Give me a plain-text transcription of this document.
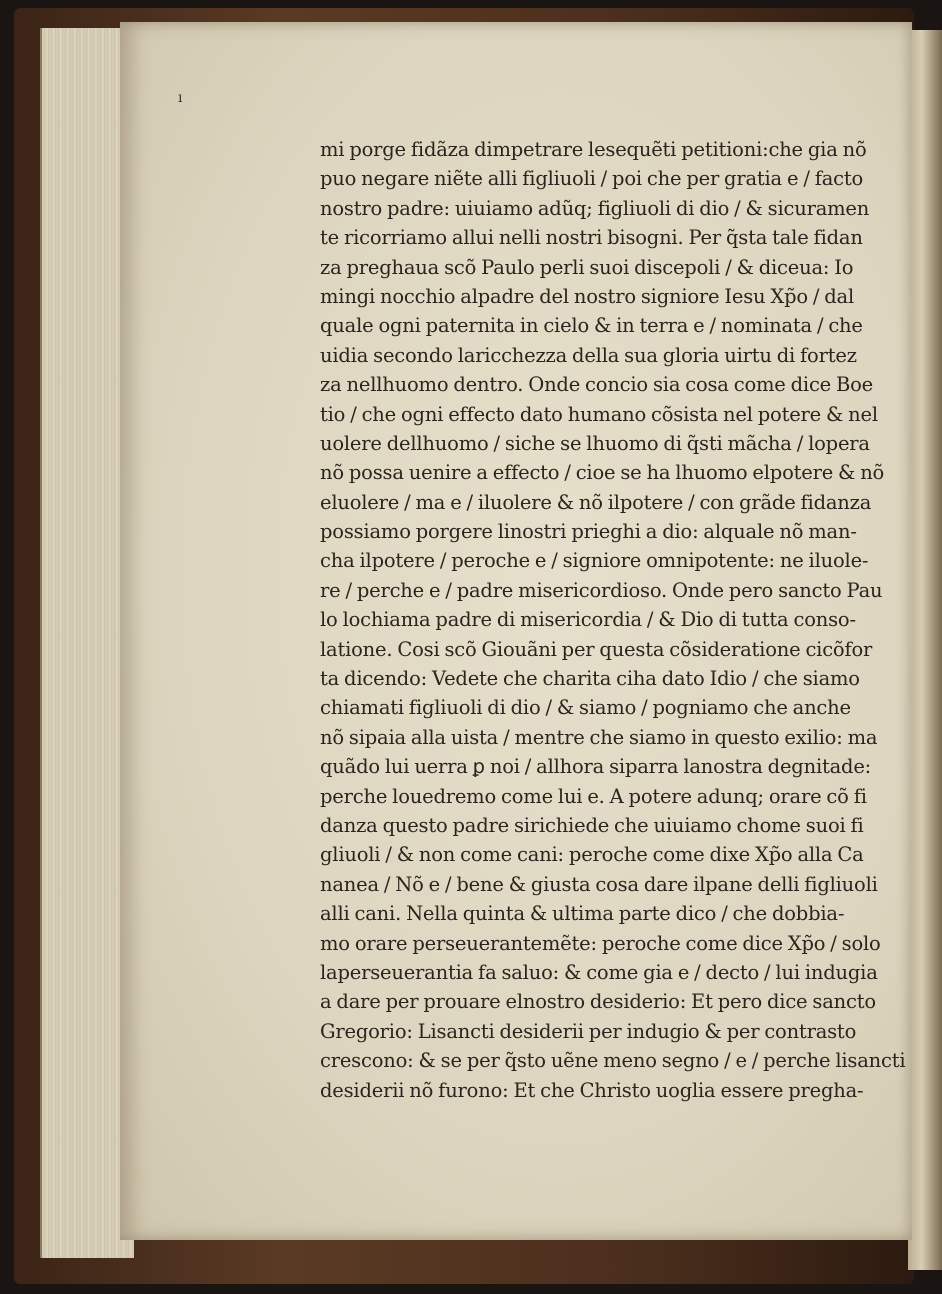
ı
mi porge fidãza dimpetrare lesequẽti petitioni:che gia nõ
puo negare niẽte alli figliuoli / poi che per gratia e / facto
nostro padre: uiuiamo adũq; figliuoli di dio / & sicuramen
te ricorriamo allui nelli nostri bisogni. Per q̃sta tale fidan
za preghaua scõ Paulo perli suoi discepoli / & diceua: Io
mingi nocchio alpadre del nostro signiore Iesu Xp̃o / dal
quale ogni paternita in cielo & in terra e / nominata / che
uidia secondo laricchezza della sua gloria uirtu di fortez
za nellhuomo dentro. Onde concio sia cosa come dice Boe
tio / che ogni effecto dato humano cõsista nel potere & nel
uolere dellhuomo / siche se lhuomo di q̃sti mãcha / lopera
nõ possa uenire a effecto / cioe se ha lhuomo elpotere & nõ
eluolere / ma e / iluolere & nõ ilpotere / con grãde fidanza
possiamo porgere linostri prieghi a dio: alquale nõ man-
cha ilpotere / peroche e / signiore omnipotente: ne iluole-
re / perche e / padre misericordioso. Onde pero sancto Pau
lo lochiama padre di misericordia / & Dio di tutta conso-
latione. Cosi scõ Giouãni per questa cõsideratione cicõfor
ta dicendo: Vedete che charita ciha dato Idio / che siamo
chiamati figliuoli di dio / & siamo / pogniamo che anche
nõ sipaia alla uista / mentre che siamo in questo exilio: ma
quãdo lui uerra ꝑ noi / allhora siparra lanostra degnitade:
perche louedremo come lui e. A potere adunq; orare cõ fi
danza questo padre sirichiede che uiuiamo chome suoi fi
gliuoli / & non come cani: peroche come dixe Xp̃o alla Ca
nanea / Nõ e / bene & giusta cosa dare ilpane delli figliuoli
alli cani. Nella quinta & ultima parte dico / che dobbia-
mo orare perseuerantemẽte: peroche come dice Xp̃o / solo
laperseuerantia fa saluo: & come gia e / decto / lui indugia
a dare per prouare elnostro desiderio: Et pero dice sancto
Gregorio: Lisancti desiderii per indugio & per contrasto
crescono: & se per q̃sto uẽne meno segno / e / perche lisancti
desiderii nõ furono: Et che Christo uoglia essere pregha-
